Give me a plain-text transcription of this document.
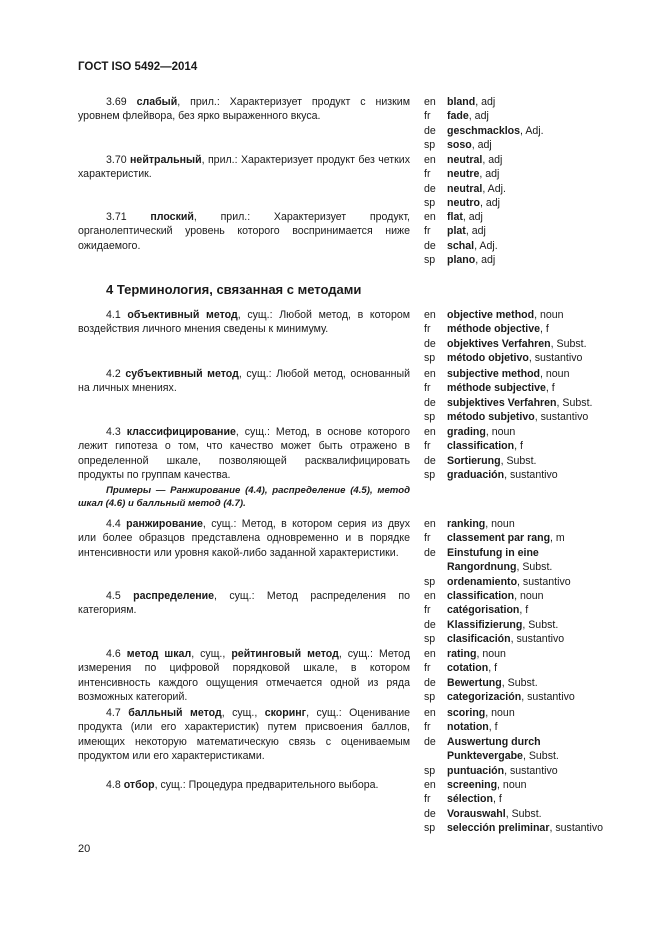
ГОСТ ISO 5492—2014

3.69 слабый, прил.: Характеризует продукт с низким уровнем флейвора, без ярко выраженного вкуса.

3.70 нейтральный, прил.: Характеризует продукт без четких характеристик.

3.71 плоский, прил.: Характеризует продукт, органолептический уровень которого воспринимается ниже ожидаемого.

4 Терминология, связанная с методами

4.1 объективный метод, сущ.: Любой метод, в котором воздействия личного мнения сведены к минимуму.

4.2 субъективный метод, сущ.: Любой метод, основанный на личных мнениях.

4.3 классифицирование, сущ.: Метод, в основе которого лежит гипотеза о том, что качество может быть отражено в определенной шкале, позволяющей расквалифицировать продукты по группам качества.

Примеры — Ранжирование (4.4), распределение (4.5), метод шкал (4.6) и балльный метод (4.7).

4.4 ранжирование, сущ.: Метод, в котором серия из двух или более образцов представлена одновременно и в порядке интенсивности или уровня какой-либо заданной характеристики.

4.5 распределение, сущ.: Метод распределения по категориям.

4.6 метод шкал, сущ., рейтинговый метод, сущ.: Метод измерения по цифровой порядковой шкале, в котором интенсивность каждого ощущения отмечается одной из ряда возможных категорий.

4.7 балльный метод, сущ., скоринг, сущ.: Оценивание продукта (или его характеристик) путем присвоения баллов, имеющих некоторую математическую связь с оцениваемым продуктом или его характеристиками.

4.8 отбор, сущ.: Процедура предварительного выбора.

en bland, adj
fr fade, adj
de geschmacklos, Adj.
sp soso, adj
en neutral, adj
fr neutre, adj
de neutral, Adj.
sp neutro, adj
en flat, adj
fr plat, adj
de schal, Adj.
sp plano, adj
en objective method, noun
fr méthode objective, f
de objektives Verfahren, Subst.
sp método objetivo, sustantivo
en subjective method, noun
fr méthode subjective, f
de subjektives Verfahren, Subst.
sp método subjetivo, sustantivo
en grading, noun
fr classification, f
de Sortierung, Subst.
sp graduación, sustantivo
en ranking, noun
fr classement par rang, m
de Einstufung in eine
Rangordnung, Subst.
sp ordenamiento, sustantivo
en classification, noun
fr catégorisation, f
de Klassifizierung, Subst.
sp clasificación, sustantivo
en rating, noun
fr cotation, f
de Bewertung, Subst.
sp categorización, sustantivo
en scoring, noun
fr notation, f
de Auswertung durch
Punktevergabe, Subst.
sp puntuación, sustantivo
en screening, noun
fr sélection, f
de Vorauswahl, Subst.
sp selección preliminar, sustantivo
20
